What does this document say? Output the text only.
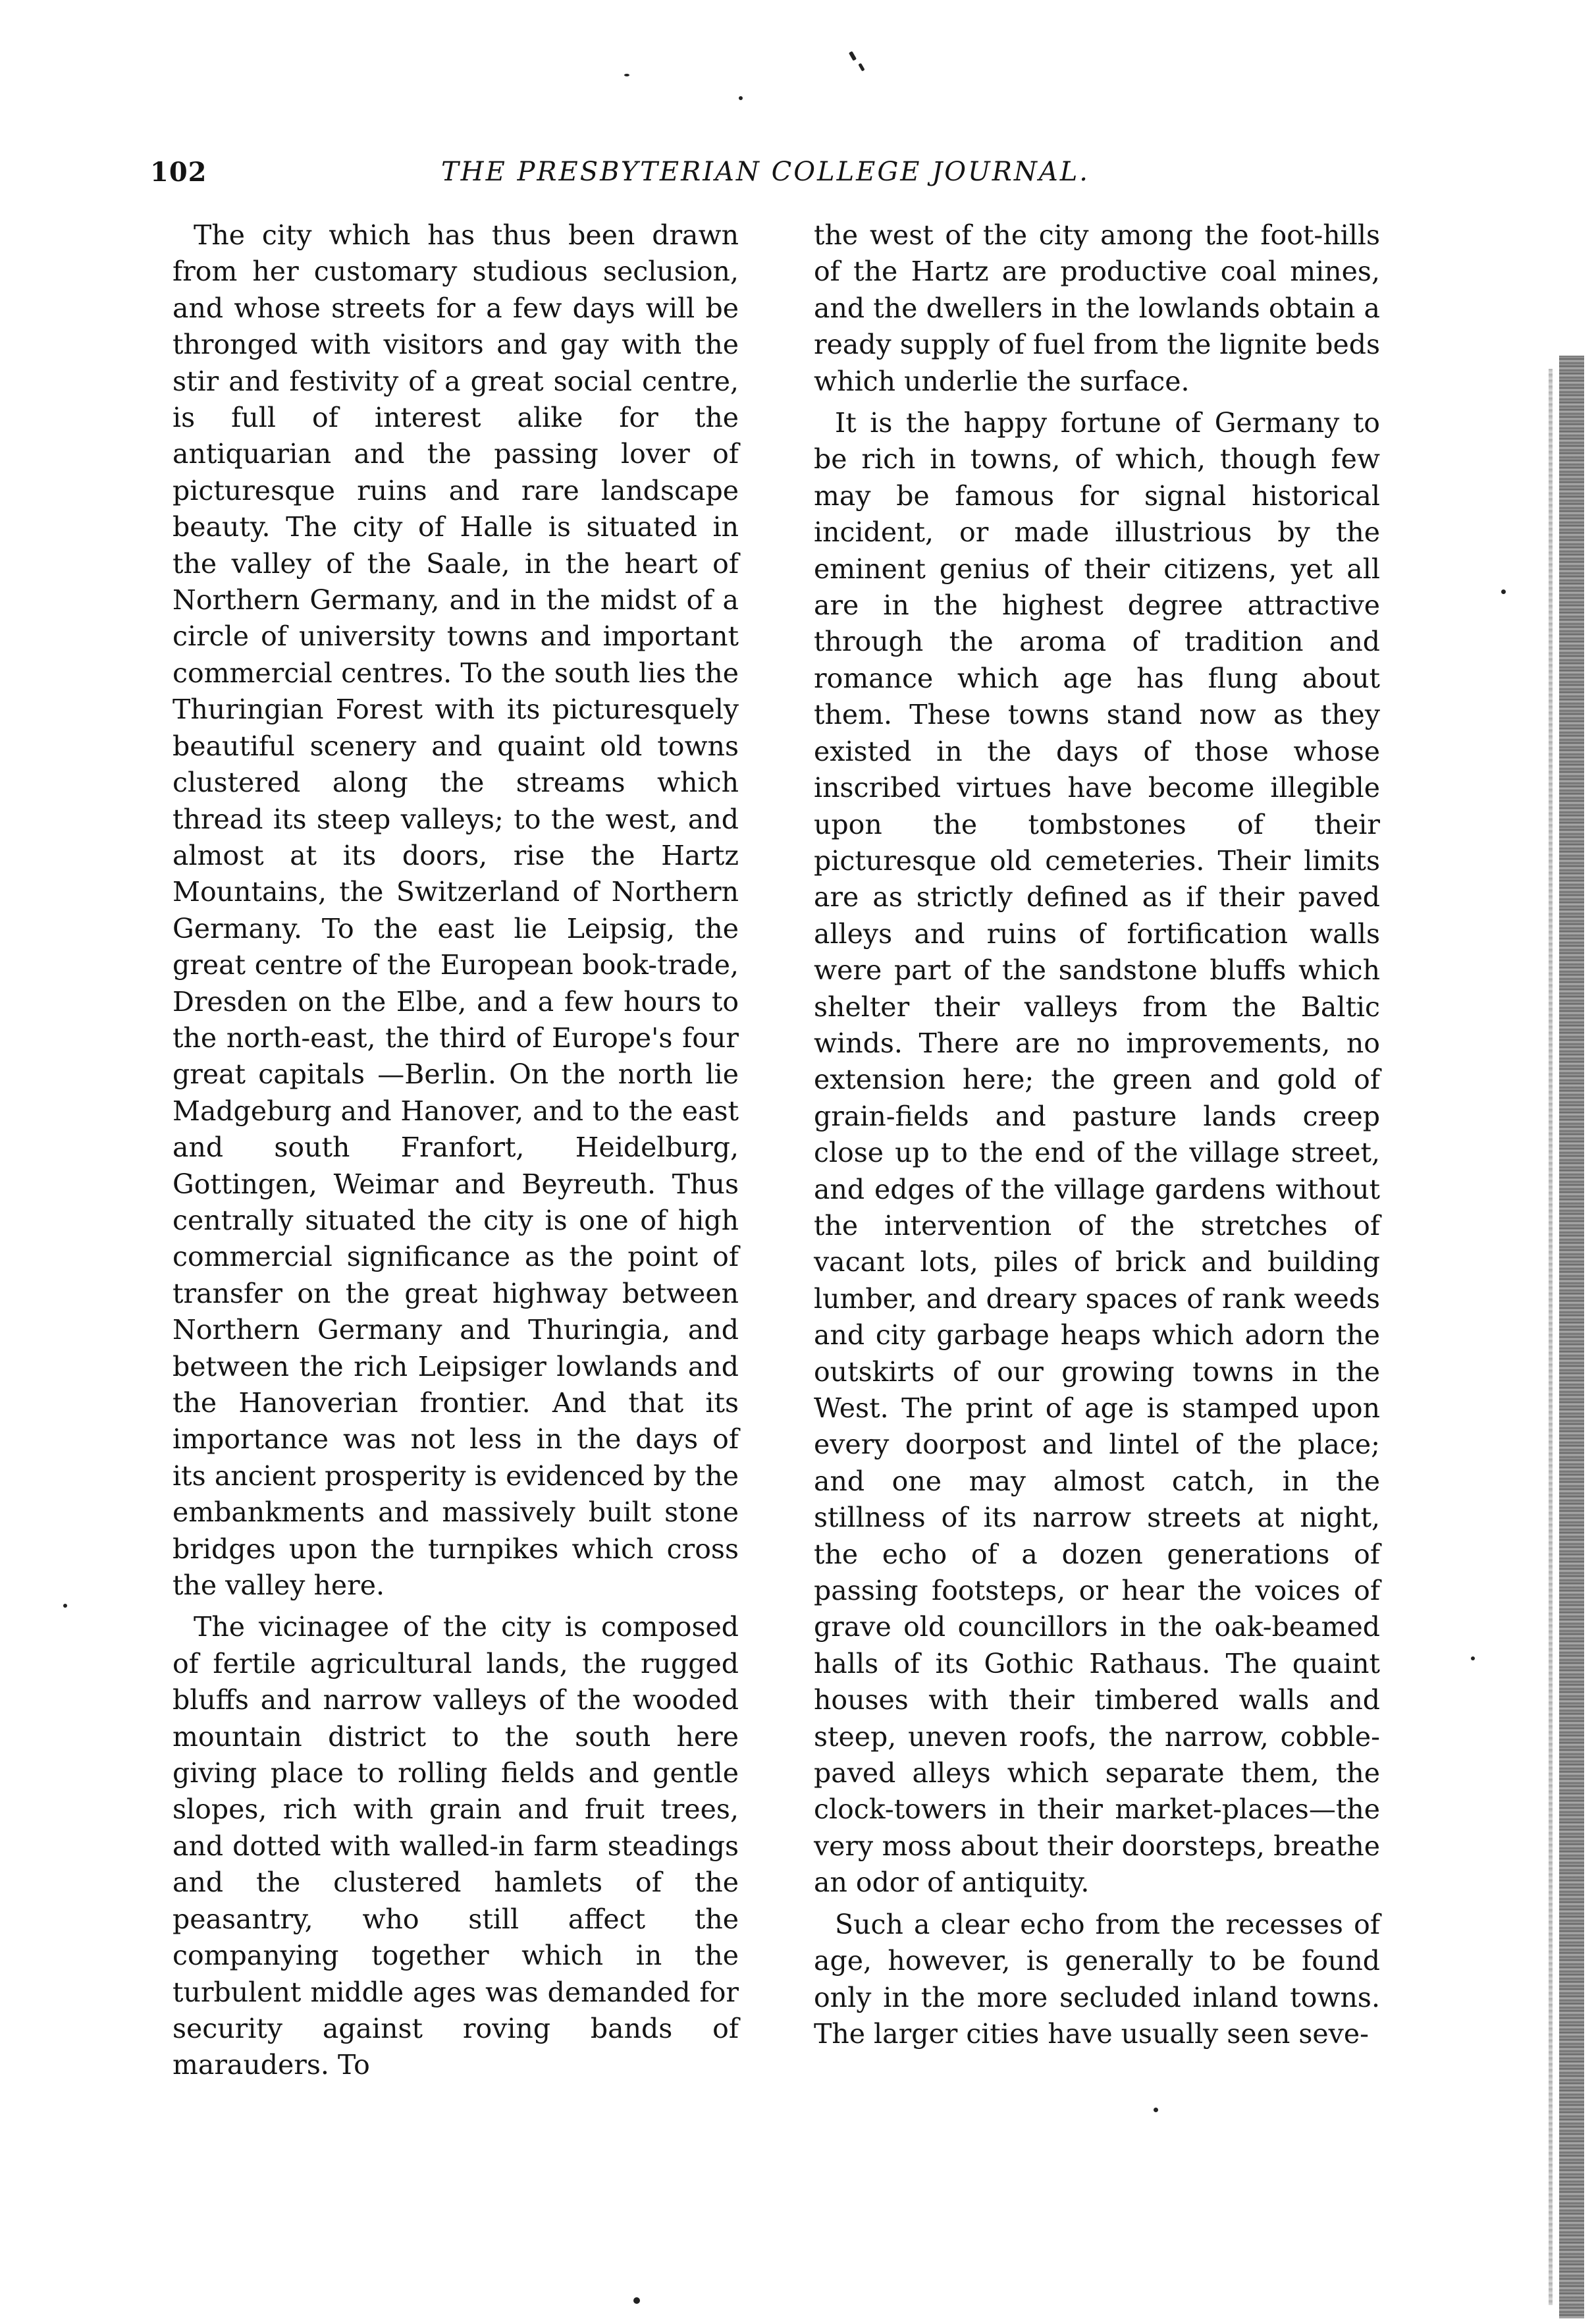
102	THE PRESBYTERIAN COLLEGE JOURNAL.

The city which has thus been drawn from her customary studious seclusion, and whose streets for a few days will be thronged with visitors and gay with the stir and festivity of a great social centre, is full of interest alike for the antiquarian and the passing lover of picturesque ruins and rare landscape beauty. The city of Halle is situated in the valley of the Saale, in the heart of Northern Germany, and in the midst of a circle of university towns and important commercial centres. To the south lies the Thuringian Forest with its picturesquely beautiful scenery and quaint old towns clustered along the streams which thread its steep valleys; to the west, and almost at its doors, rise the Hartz Mountains, the Switzerland of Northern Germany. To the east lie Leipsig, the great centre of the European book-trade, Dresden on the Elbe, and a few hours to the north-east, the third of Europe's four great capitals —Berlin. On the north lie Madgeburg and Hanover, and to the east and south Franfort, Heidelburg, Gottingen, Weimar and Beyreuth. Thus centrally situated the city is one of high commercial significance as the point of transfer on the great highway between Northern Germany and Thuringia, and between the rich Leipsiger lowlands and the Hanoverian frontier. And that its importance was not less in the days of its ancient prosperity is evidenced by the embankments and massively built stone bridges upon the turnpikes which cross the valley here.

The vicinagee of the city is composed of fertile agricultural lands, the rugged bluffs and narrow valleys of the wooded mountain district to the south here giving place to rolling fields and gentle slopes, rich with grain and fruit trees, and dotted with walled-in farm steadings and the clustered hamlets of the peasantry, who still affect the companying together which in the turbulent middle ages was demanded for security against roving bands of marauders. To

the west of the city among the foot-hills of the Hartz are productive coal mines, and the dwellers in the lowlands obtain a ready supply of fuel from the lignite beds which underlie the surface.

It is the happy fortune of Germany to be rich in towns, of which, though few may be famous for signal historical incident, or made illustrious by the eminent genius of their citizens, yet all are in the highest degree attractive through the aroma of tradition and romance which age has flung about them. These towns stand now as they existed in the days of those whose inscribed virtues have become illegible upon the tombstones of their picturesque old cemeteries. Their limits are as strictly defined as if their paved alleys and ruins of fortification walls were part of the sandstone bluffs which shelter their valleys from the Baltic winds. There are no improvements, no extension here; the green and gold of grain-fields and pasture lands creep close up to the end of the village street, and edges of the village gardens without the intervention of the stretches of vacant lots, piles of brick and building lumber, and dreary spaces of rank weeds and city garbage heaps which adorn the outskirts of our growing towns in the West. The print of age is stamped upon every doorpost and lintel of the place; and one may almost catch, in the stillness of its narrow streets at night, the echo of a dozen generations of passing footsteps, or hear the voices of grave old councillors in the oak-beamed halls of its Gothic Rathaus. The quaint houses with their timbered walls and steep, uneven roofs, the narrow, cobble-paved alleys which separate them, the clock-towers in their market-places—the very moss about their doorsteps, breathe an odor of antiquity.

Such a clear echo from the recesses of age, however, is generally to be found only in the more secluded inland towns. The larger cities have usually seen seve-
